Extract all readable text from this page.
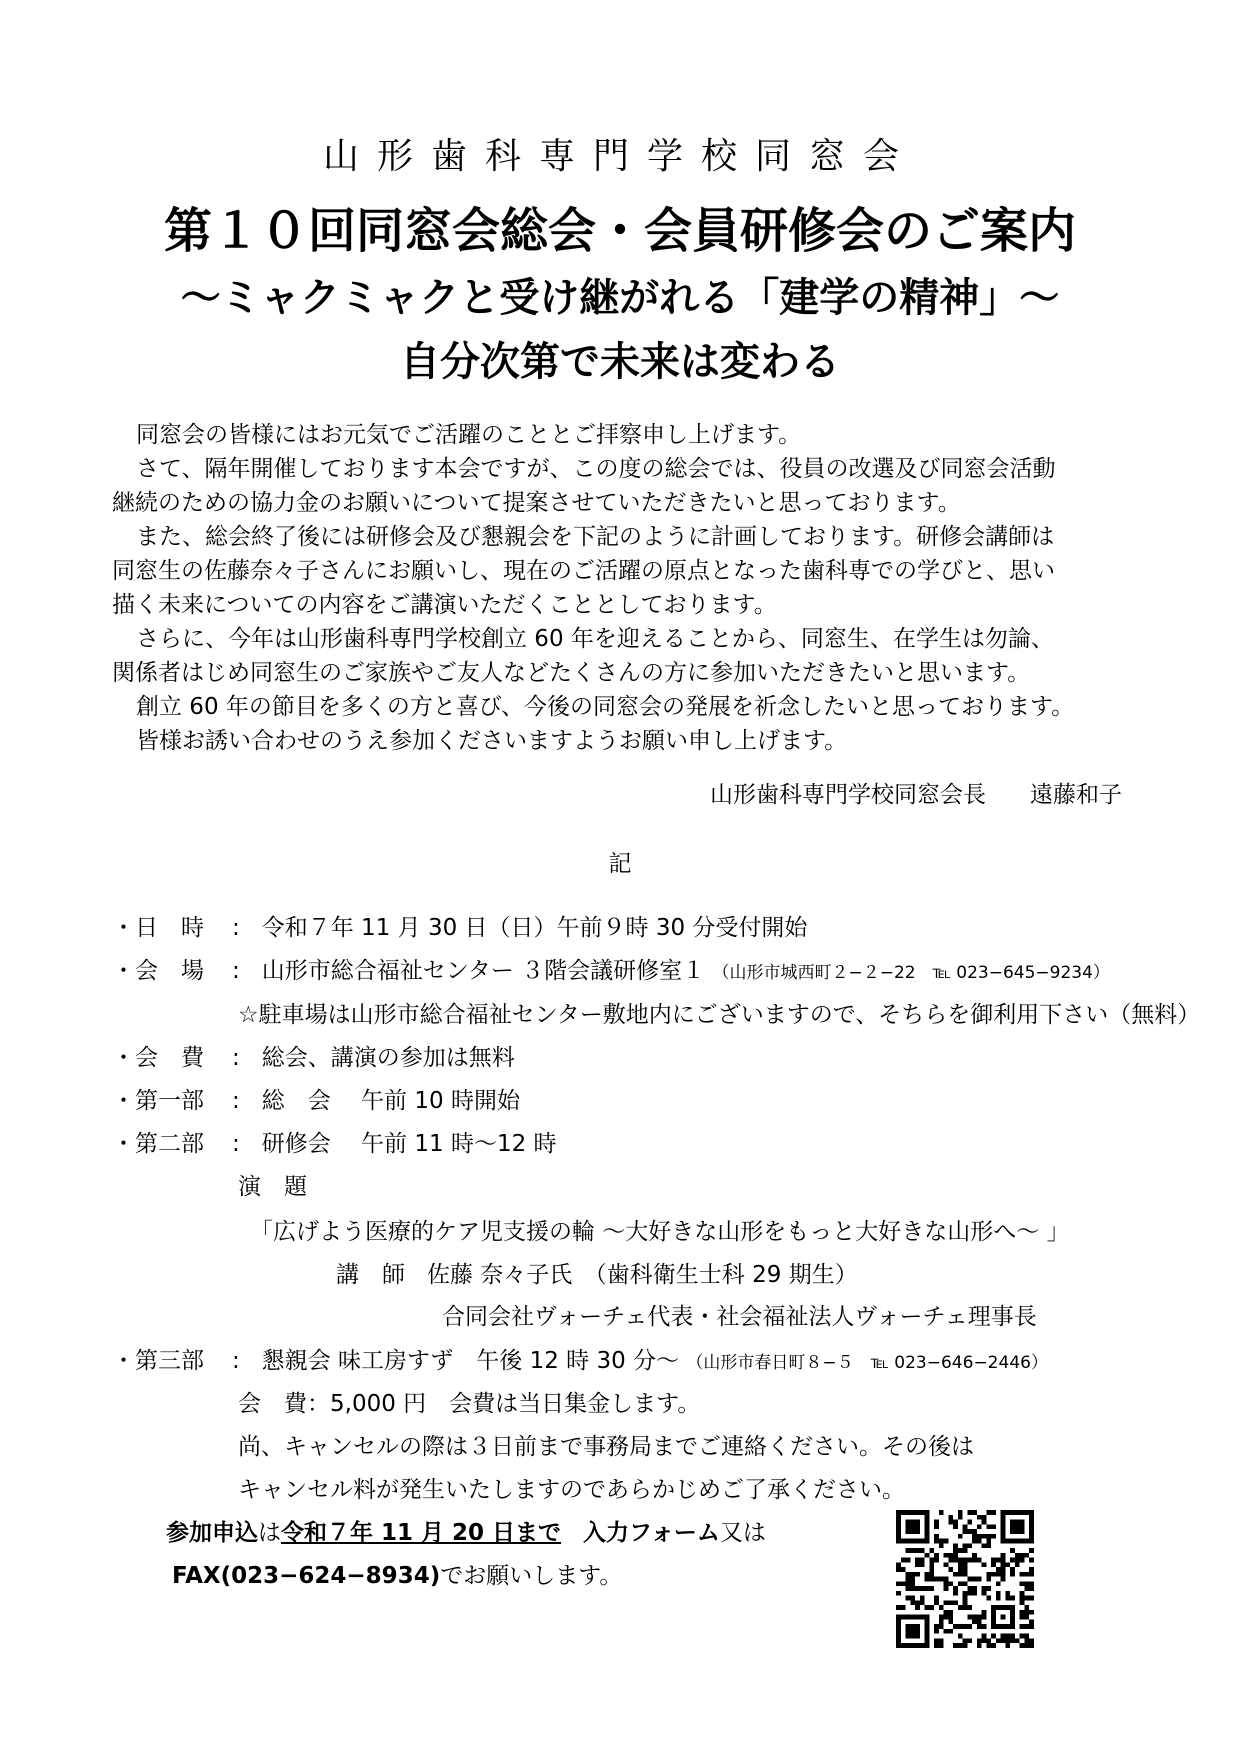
山形歯科専門学校同窓会
第１０回同窓会総会・会員研修会のご案内
～ミャクミャクと受け継がれる「建学の精神」～
自分次第で未来は変わる
同窓会の皆様にはお元気でご活躍のこととご拝察申し上げます。
さて、隔年開催しております本会ですが、この度の総会では、役員の改選及び同窓会活動
継続のための協力金のお願いについて提案させていただきたいと思っております。
また、総会終了後には研修会及び懇親会を下記のように計画しております。研修会講師は
同窓生の佐藤奈々子さんにお願いし、現在のご活躍の原点となった歯科専での学びと、思い
描く未来についての内容をご講演いただくこととしております。
さらに、今年は山形歯科専門学校創立 60 年を迎えることから、同窓生、在学生は勿論、
関係者はじめ同窓生のご家族やご友人などたくさんの方に参加いただきたいと思います。
創立 60 年の節目を多くの方と喜び、今後の同窓会の発展を祈念したいと思っております。
皆様お誘い合わせのうえ参加くださいますようお願い申し上げます。
山形歯科専門学校同窓会長 遠藤和子
記
・日　時 : 令和７年 11 月 30 日（日）午前９時 30 分受付開始
・会　場 : 山形市総合福祉センター ３階会議研修室１ （山形市城西町２−２−22　℡ 023−645−9234）
☆駐車場は山形市総合福祉センター敷地内にございますので、そちらを御利用下さい（無料）
・会　費 : 総会、講演の参加は無料
・第一部 : 総　会　 午前 10 時開始
・第二部 : 研修会　 午前 11 時～12 時
演　題
「広げよう医療的ケア児支援の輪 ～大好きな山形をもっと大好きな山形へ～ 」
講　師 佐藤 奈々子氏　（歯科衛生士科 29 期生）
合同会社ヴォーチェ代表・社会福祉法人ヴォーチェ理事長
・第三部 : 懇親会 味工房すず　午後 12 時 30 分～ （山形市春日町８−５　℡ 023−646−2446）
会　費：5,000 円　会費は当日集金します。
尚、キャンセルの際は３日前まで事務局までご連絡ください。その後は
キャンセル料が発生いたしますのであらかじめご了承ください。
参加申込は令和７年 11 月 20 日まで 入力フォーム又は
FAX(023−624−8934)でお願いします。
